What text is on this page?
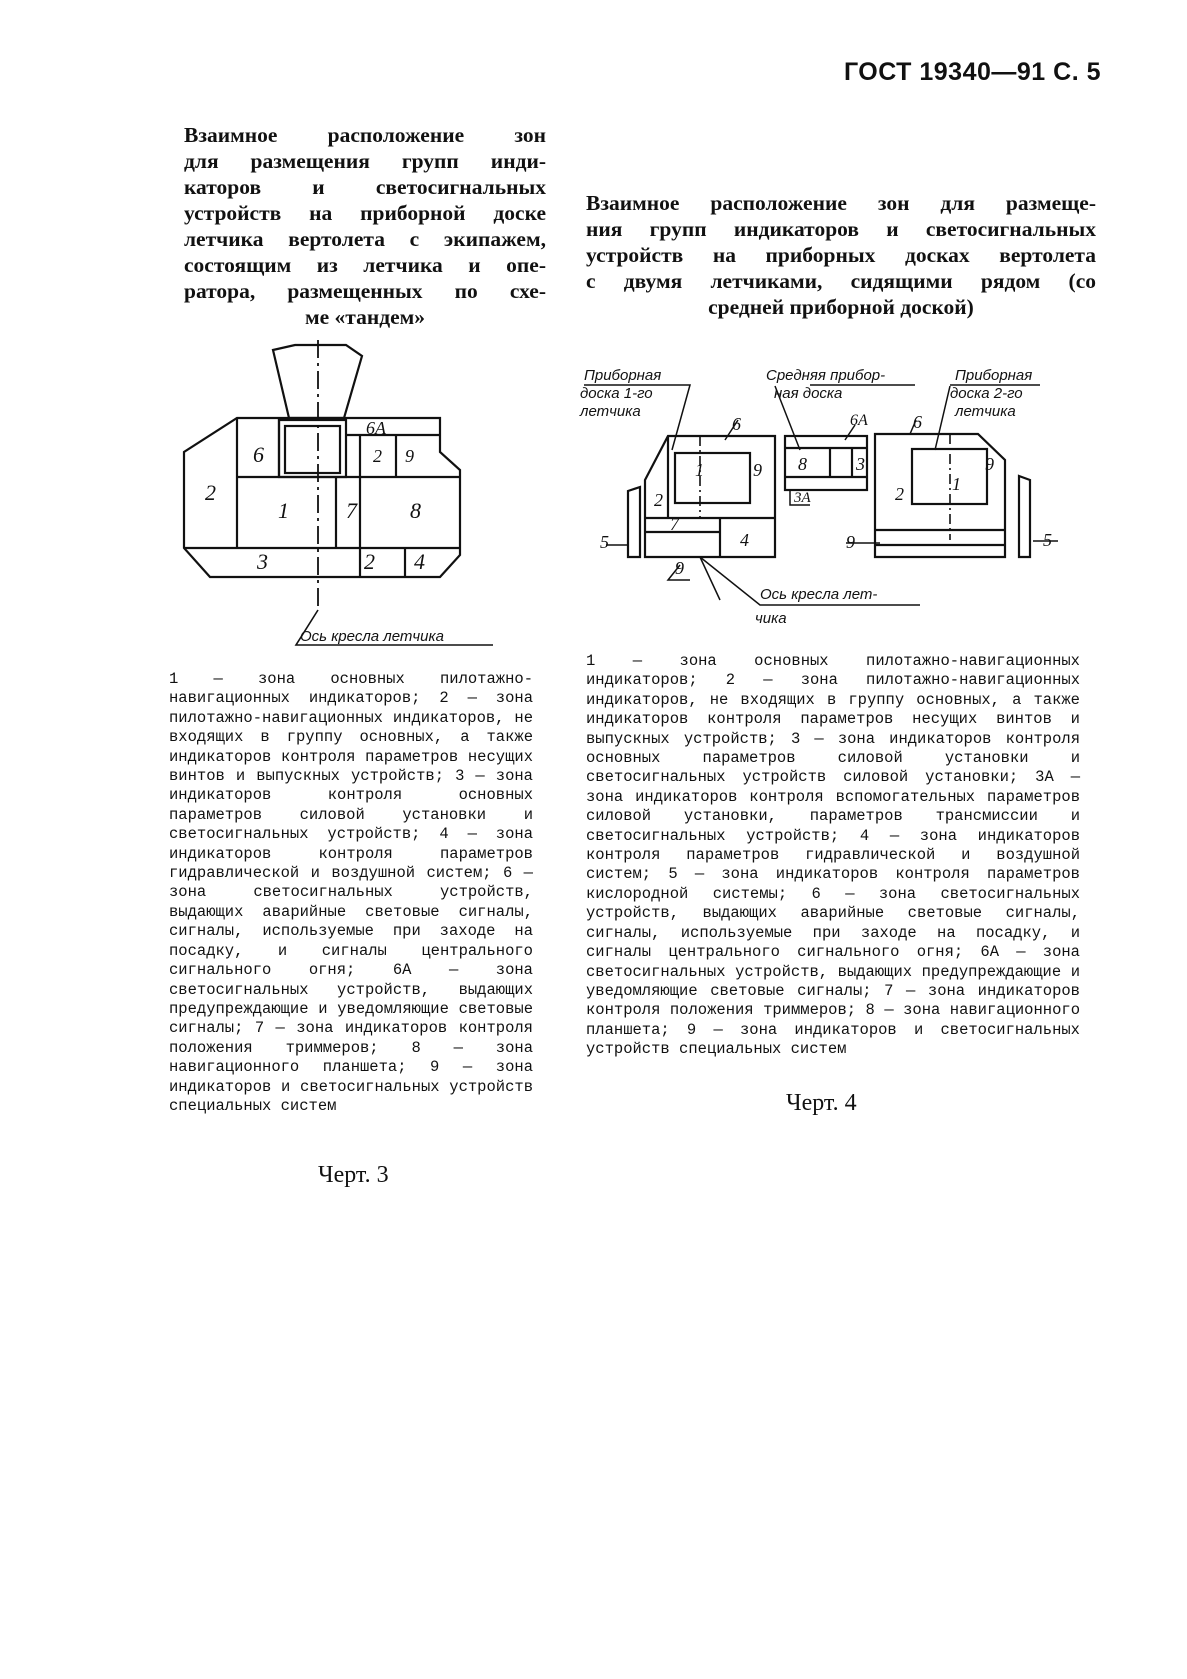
ГОСТ 19340—91 С. 5
Взаимное расположение зон
для размещения групп инди-
каторов и светосигнальных
устройств на приборной доске
летчика вертолета с экипажем,
состоящим из летчика и опе-
ратора, размещенных по схе-
ме «тандем»
Взаимное расположение зон для размеще-
ния групп индикаторов и светосигнальных
устройств на приборных досках вертолета
с двумя летчиками, сидящими рядом (со
средней приборной доской)
6
6А
2 9
2
1	7 8
3	2 4
Ось кресла летчика
Приборная
доска 1-го
летчика
Средняя прибор-
ная доска
Приборная
доска 2-го
летчика
6
1	9
2
7
4
8	3
6А
3А
6
1
9
2
5	5
9
9
Ось кресла лет-
чика

1 — зона основных пилотажно-навигационных индикаторов; 2 — зона пилотажно-навигационных индикаторов, не входящих в группу основных, а также индикаторов контроля параметров несущих винтов и выпускных устройств; 3 — зона индикаторов контроля основных параметров силовой установки и светосигнальных устройств; 4 — зона индикаторов контроля параметров гидравлической и воздушной систем; 6 — зона светосигнальных устройств, выдающих аварийные световые сигналы, сигналы, используемые при заходе на посадку, и сигналы центрального сигнального огня; 6А — зона светосигнальных устройств, выдающих предупреждающие и уведомляющие световые сигналы; 7 — зона индикаторов контроля положения триммеров; 8 — зона навигационного планшета; 9 — зона индикаторов и светосигнальных устройств специальных систем

1 — зона основных пилотажно-навигационных индикаторов; 2 — зона пилотажно-навигационных индикаторов, не входящих в группу основных, а также индикаторов контроля параметров несущих винтов и выпускных устройств; 3 — зона индикаторов контроля основных параметров силовой установки и светосигнальных устройств силовой установки; 3А — зона индикаторов контроля вспомогательных параметров силовой установки, параметров трансмиссии и светосигнальных устройств; 4 — зона индикаторов контроля параметров гидравлической и воздушной систем; 5 — зона индикаторов контроля параметров кислородной системы; 6 — зона светосигнальных устройств, выдающих аварийные световые сигналы, сигналы, используемые при заходе на посадку, и сигналы центрального сигнального огня; 6А — зона светосигнальных устройств, выдающих предупреждающие и уведомляющие световые сигналы; 7 — зона индикаторов контроля положения триммеров; 8 — зона навигационного планшета; 9 — зона индикаторов и светосигнальных устройств специальных систем

Черт. 3
Черт. 4
